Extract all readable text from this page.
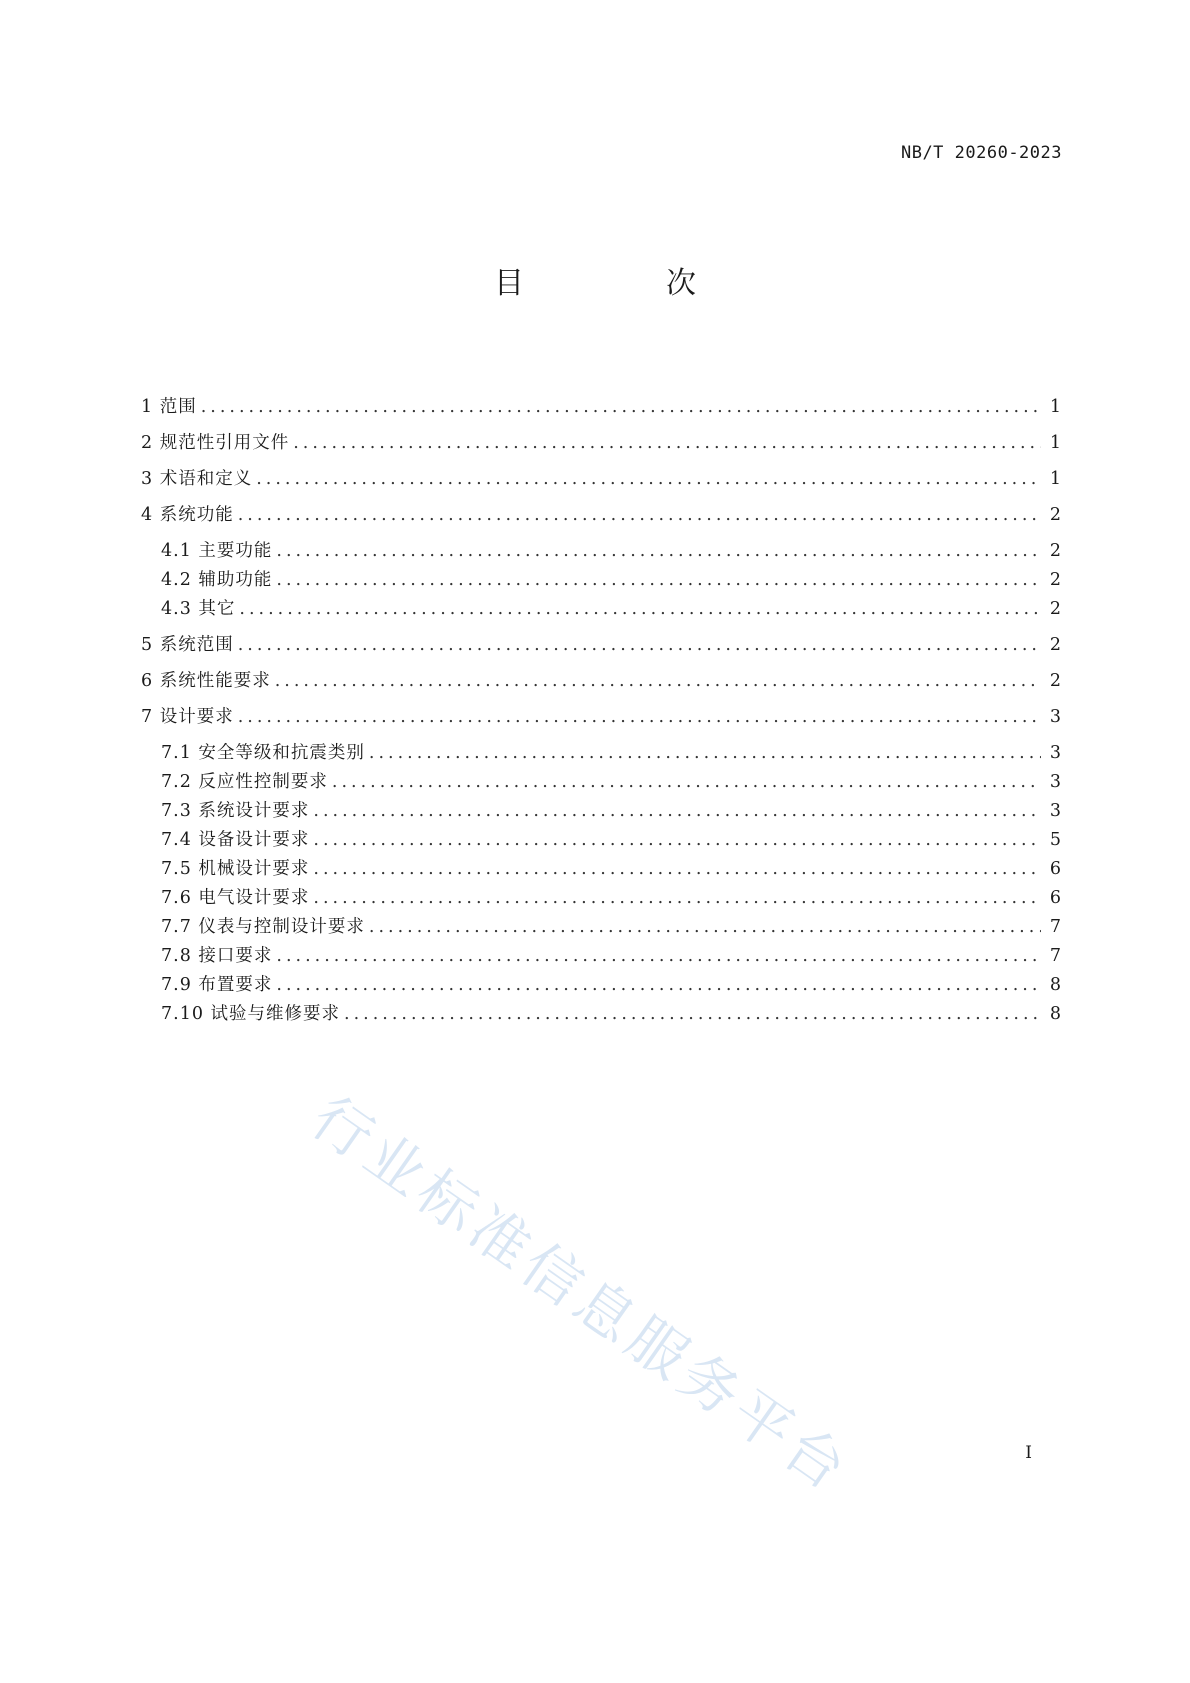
NB/T 20260-2023
目　次
1 范围 .....	1
2 规范性引用文件 .....	1
3 术语和定义 .....	1
4 系统功能 .....	2
4.1 主要功能 .....	2
4.2 辅助功能 .....	2
4.3 其它 .....	2
5 系统范围 .....	2
6 系统性能要求 .....	2
7 设计要求 .....	3
7.1 安全等级和抗震类别 .....	3
7.2 反应性控制要求 .....	3
7.3 系统设计要求 .....	3
7.4 设备设计要求 .....	5
7.5 机械设计要求 .....	6
7.6 电气设计要求 .....	6
7.7 仪表与控制设计要求 .....	7
7.8 接口要求 .....	7
7.9 布置要求 .....	8
7.10 试验与维修要求 .....	8
行业标准信息服务平台	I
